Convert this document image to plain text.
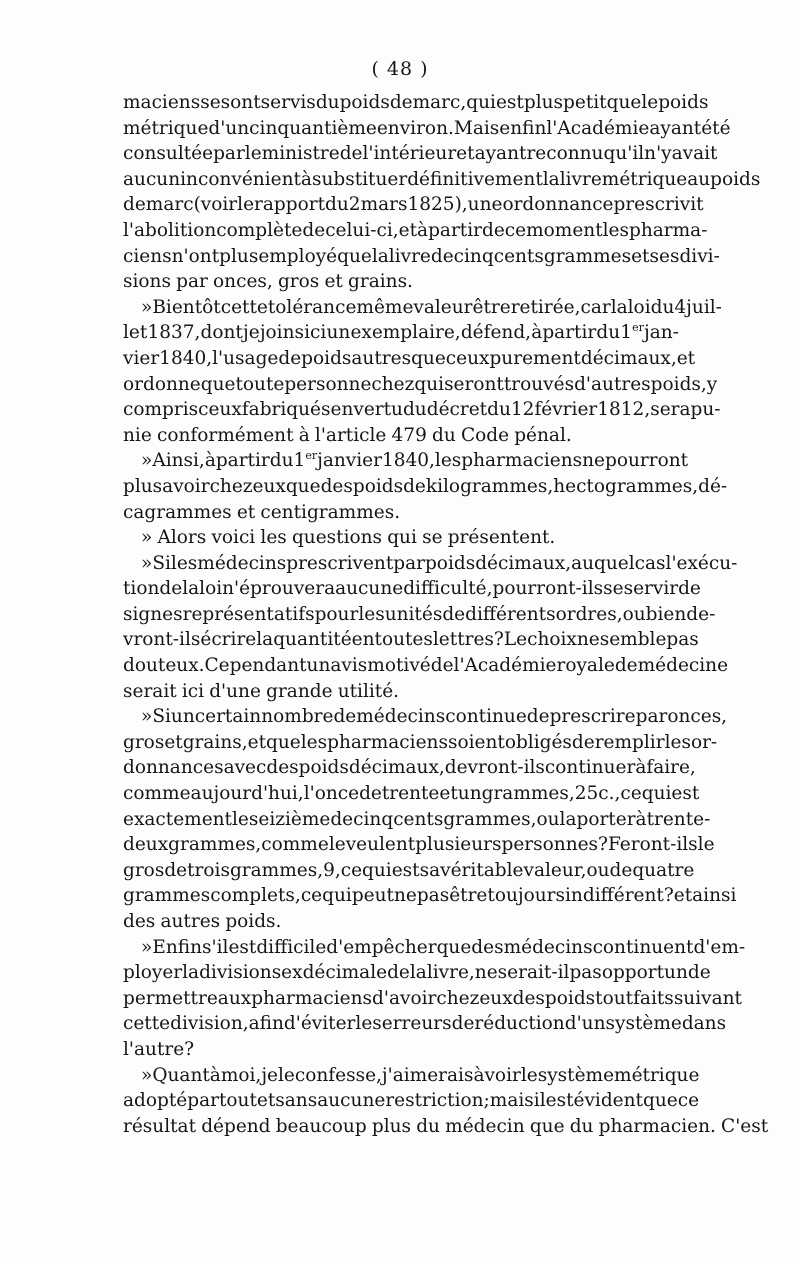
( 48 )
maciens se sont servis du poids de marc, qui est plus petit que le poids
métrique d'un cinquantième environ. Mais enfin l'Académie ayant été
consultée par le ministre de l'intérieur et ayant reconnu qu'il n'y avait
aucun inconvénient à substituer définitivement la livre métrique au poids
de marc (voir le rapport du 2 mars 1825), une ordonnance prescrivit
l'abolition complète de celui-ci, et à partir de ce moment les pharma-
ciens n'ont plus employé que la livre de cinq cents grammes et ses divi-
sions par onces, gros et grains.
» Bientôt cette tolérance même valeur être retirée, car la loi du 4 juil-
let 1837, dont je joins ici un exemplaire, défend, à partir du 1er jan-
vier 1840, l'usage de poids autres que ceux purement décimaux, et
ordonne que toute personne chez qui seront trouvés d'autres poids, y
compris ceux fabriqués en vertu du décret du 12 février 1812, sera pu-
nie conformément à l'article 479 du Code pénal.
» Ainsi, à partir du 1er janvier 1840, les pharmaciens ne pourront
plus avoir chez eux que des poids de kilogrammes, hectogrammes, dé-
cagrammes et centigrammes.
» Alors voici les questions qui se présentent.
» Si les médecins prescrivent par poids décimaux, auquel cas l'exécu-
tion de la loi n'éprouvera aucune difficulté, pourront-ils se servir de
signes représentatifs pour les unités de différents ordres, ou bien de-
vront-ils écrire la quantité en toutes lettres? Le choix ne semble pas
douteux. Cependant un avis motivé de l'Académie royale de médecine
serait ici d'une grande utilité.
» Si un certain nombre de médecins continue de prescrire par onces,
gros et grains, et que les pharmaciens soient obligés de remplir les or-
donnances avec des poids décimaux, devront-ils continuer à faire,
comme aujourd'hui, l'once de trente et un grammes, 25 c., ce qui est
exactement le seizième de cinq cents grammes, ou la porter à trente-
deux grammes, comme le veulent plusieurs personnes? Feront-ils le
gros de trois grammes, 9, ce qui est sa véritable valeur, ou de quatre
grammes complets, ce qui peut ne pas être toujours indifférent? et ainsi
des autres poids.
» Enfin s'il est difficile d'empêcher que des médecins continuent d'em-
ployer la division sexdécimale de la livre, ne serait-il pas opportun de
permettre aux pharmaciens d'avoir chez eux des poids tout faits suivant
cette division, afin d'éviter les erreurs de réduction d'un système dans
l'autre?
» Quant à moi, je le confesse, j'aimerais à voir le système métrique
adopté partout et sans aucune restriction; mais il est évident que ce
résultat dépend beaucoup plus du médecin que du pharmacien. C'est
